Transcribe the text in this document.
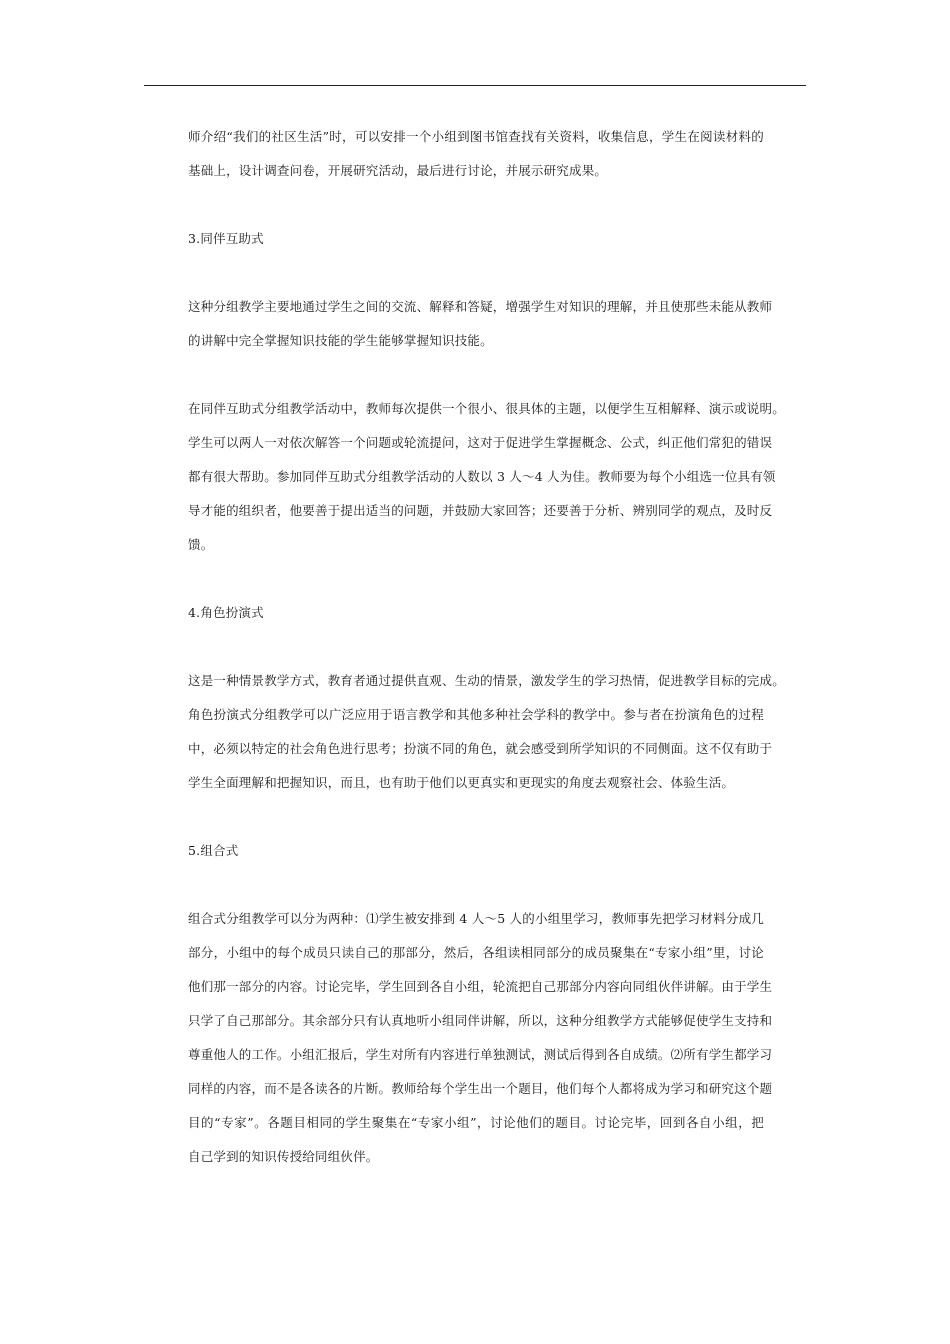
师介绍“我们的社区生活”时，可以安排一个小组到图书馆查找有关资料，收集信息，学生在阅读材料的
基础上，设计调查问卷，开展研究活动，最后进行讨论，并展示研究成果。
3.同伴互助式
这种分组教学主要地通过学生之间的交流、解释和答疑，增强学生对知识的理解，并且使那些未能从教师
的讲解中完全掌握知识技能的学生能够掌握知识技能。
在同伴互助式分组教学活动中，教师每次提供一个很小、很具体的主题，以便学生互相解释、演示或说明。
学生可以两人一对依次解答一个问题或轮流提问，这对于促进学生掌握概念、公式，纠正他们常犯的错误
都有很大帮助。参加同伴互助式分组教学活动的人数以 3 人～4 人为佳。教师要为每个小组选一位具有领
导才能的组织者，他要善于提出适当的问题，并鼓励大家回答；还要善于分析、辨别同学的观点，及时反
馈。
4.角色扮演式
这是一种情景教学方式，教育者通过提供直观、生动的情景，激发学生的学习热情，促进教学目标的完成。
角色扮演式分组教学可以广泛应用于语言教学和其他多种社会学科的教学中。参与者在扮演角色的过程
中，必须以特定的社会角色进行思考；扮演不同的角色，就会感受到所学知识的不同侧面。这不仅有助于
学生全面理解和把握知识，而且，也有助于他们以更真实和更现实的角度去观察社会、体验生活。
5.组合式
组合式分组教学可以分为两种：⑴学生被安排到 4 人～5 人的小组里学习，教师事先把学习材料分成几
部分，小组中的每个成员只读自己的那部分，然后，各组读相同部分的成员聚集在“专家小组”里，讨论
他们那一部分的内容。讨论完毕，学生回到各自小组，轮流把自己那部分内容向同组伙伴讲解。由于学生
只学了自己那部分。其余部分只有认真地听小组同伴讲解，所以，这种分组教学方式能够促使学生支持和
尊重他人的工作。小组汇报后，学生对所有内容进行单独测试，测试后得到各自成绩。⑵所有学生都学习
同样的内容，而不是各读各的片断。教师给每个学生出一个题目，他们每个人都将成为学习和研究这个题
目的“专家”。各题目相同的学生聚集在“专家小组”，讨论他们的题目。讨论完毕，回到各自小组，把
自己学到的知识传授给同组伙伴。
